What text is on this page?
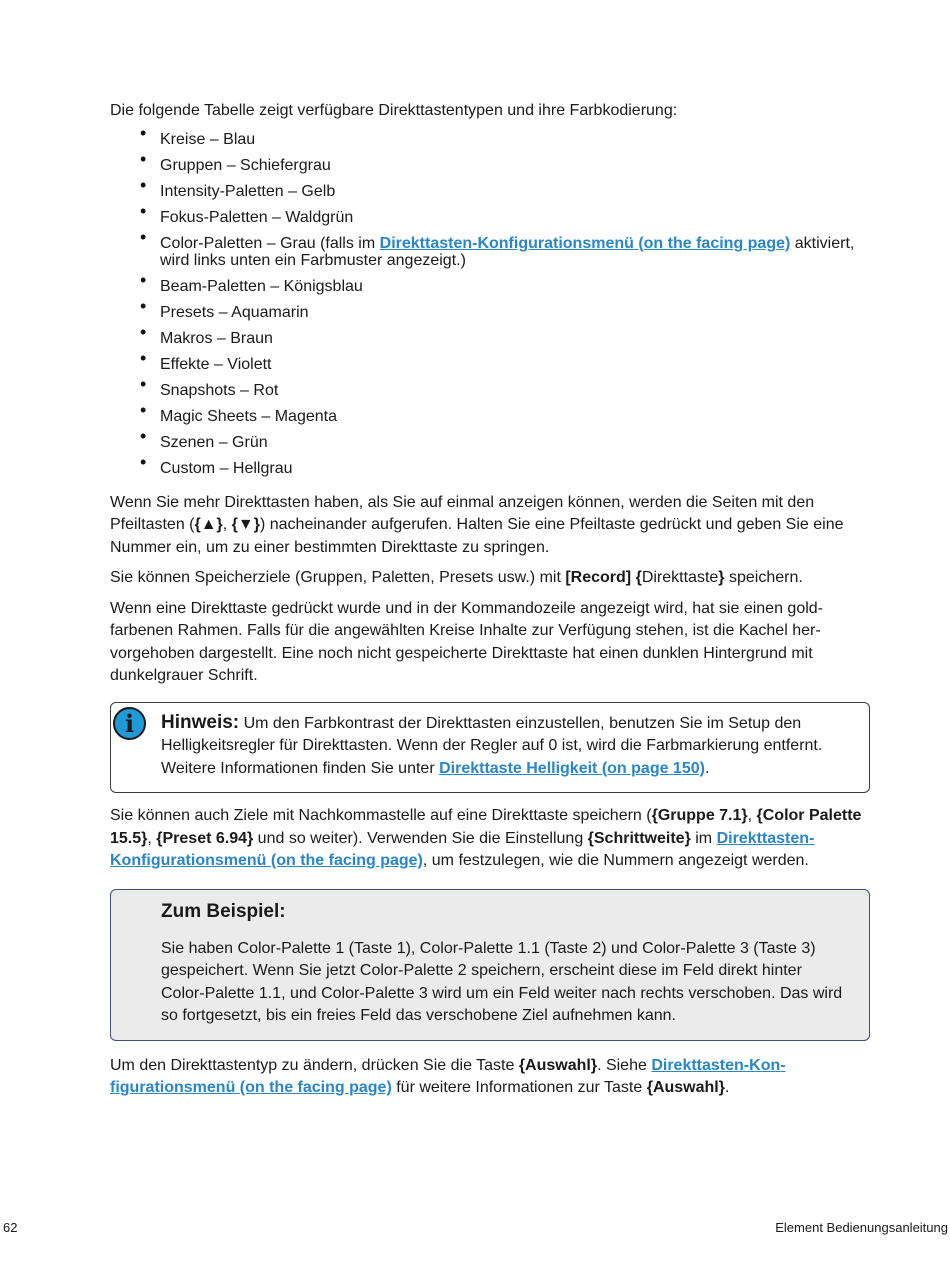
Die folgende Tabelle zeigt verfügbare Direkttastentypen und ihre Farbkodierung:

• Kreise – Blau
• Gruppen – Schiefergrau
• Intensity-Paletten – Gelb
• Fokus-Paletten – Waldgrün
• Color-Paletten – Grau (falls im Direkttasten-Konfigurationsmenü (on the facing page) aktiviert, wird links unten ein Farbmuster angezeigt.)
• Beam-Paletten – Königsblau
• Presets – Aquamarin
• Makros – Braun
• Effekte – Violett
• Snapshots – Rot
• Magic Sheets – Magenta
• Szenen – Grün
• Custom – Hellgrau

Wenn Sie mehr Direkttasten haben, als Sie auf einmal anzeigen können, werden die Seiten mit den Pfeiltasten ({▲}, {▼}) nacheinander aufgerufen. Halten Sie eine Pfeiltaste gedrückt und geben Sie eine Nummer ein, um zu einer bestimmten Direkttaste zu springen.

Sie können Speicherziele (Gruppen, Paletten, Presets usw.) mit [Record] {Direkttaste} speichern.

Wenn eine Direkttaste gedrückt wurde und in der Kommandozeile angezeigt wird, hat sie einen goldfarbenen Rahmen. Falls für die angewählten Kreise Inhalte zur Verfügung stehen, ist die Kachel hervorgehoben dargestellt. Eine noch nicht gespeicherte Direkttaste hat einen dunklen Hintergrund mit dunkelgrauer Schrift.

i	Hinweis: Um den Farbkontrast der Direkttasten einzustellen, benutzen Sie im Setup den Helligkeitsregler für Direkttasten. Wenn der Regler auf 0 ist, wird die Farbmarkierung entfernt. Weitere Informationen finden Sie unter Direkttaste Helligkeit (on page 150).

Sie können auch Ziele mit Nachkommastelle auf eine Direkttaste speichern ({Gruppe 7.1}, {Color Palette 15.5}, {Preset 6.94} und so weiter). Verwenden Sie die Einstellung {Schrittweite} im Direkttasten-Konfigurationsmenü (on the facing page), um festzulegen, wie die Nummern angezeigt werden.

Zum Beispiel:

Sie haben Color-Palette 1 (Taste 1), Color-Palette 1.1 (Taste 2) und Color-Palette 3 (Taste 3) gespeichert. Wenn Sie jetzt Color-Palette 2 speichern, erscheint diese im Feld direkt hinter Color-Palette 1.1, und Color-Palette 3 wird um ein Feld weiter nach rechts verschoben. Das wird so fortgesetzt, bis ein freies Feld das verschobene Ziel aufnehmen kann.

Um den Direkttastentyp zu ändern, drücken Sie die Taste {Auswahl}. Siehe Direkttasten-Konfigurationsmenü (on the facing page) für weitere Informationen zur Taste {Auswahl}.

62	Element Bedienungsanleitung
